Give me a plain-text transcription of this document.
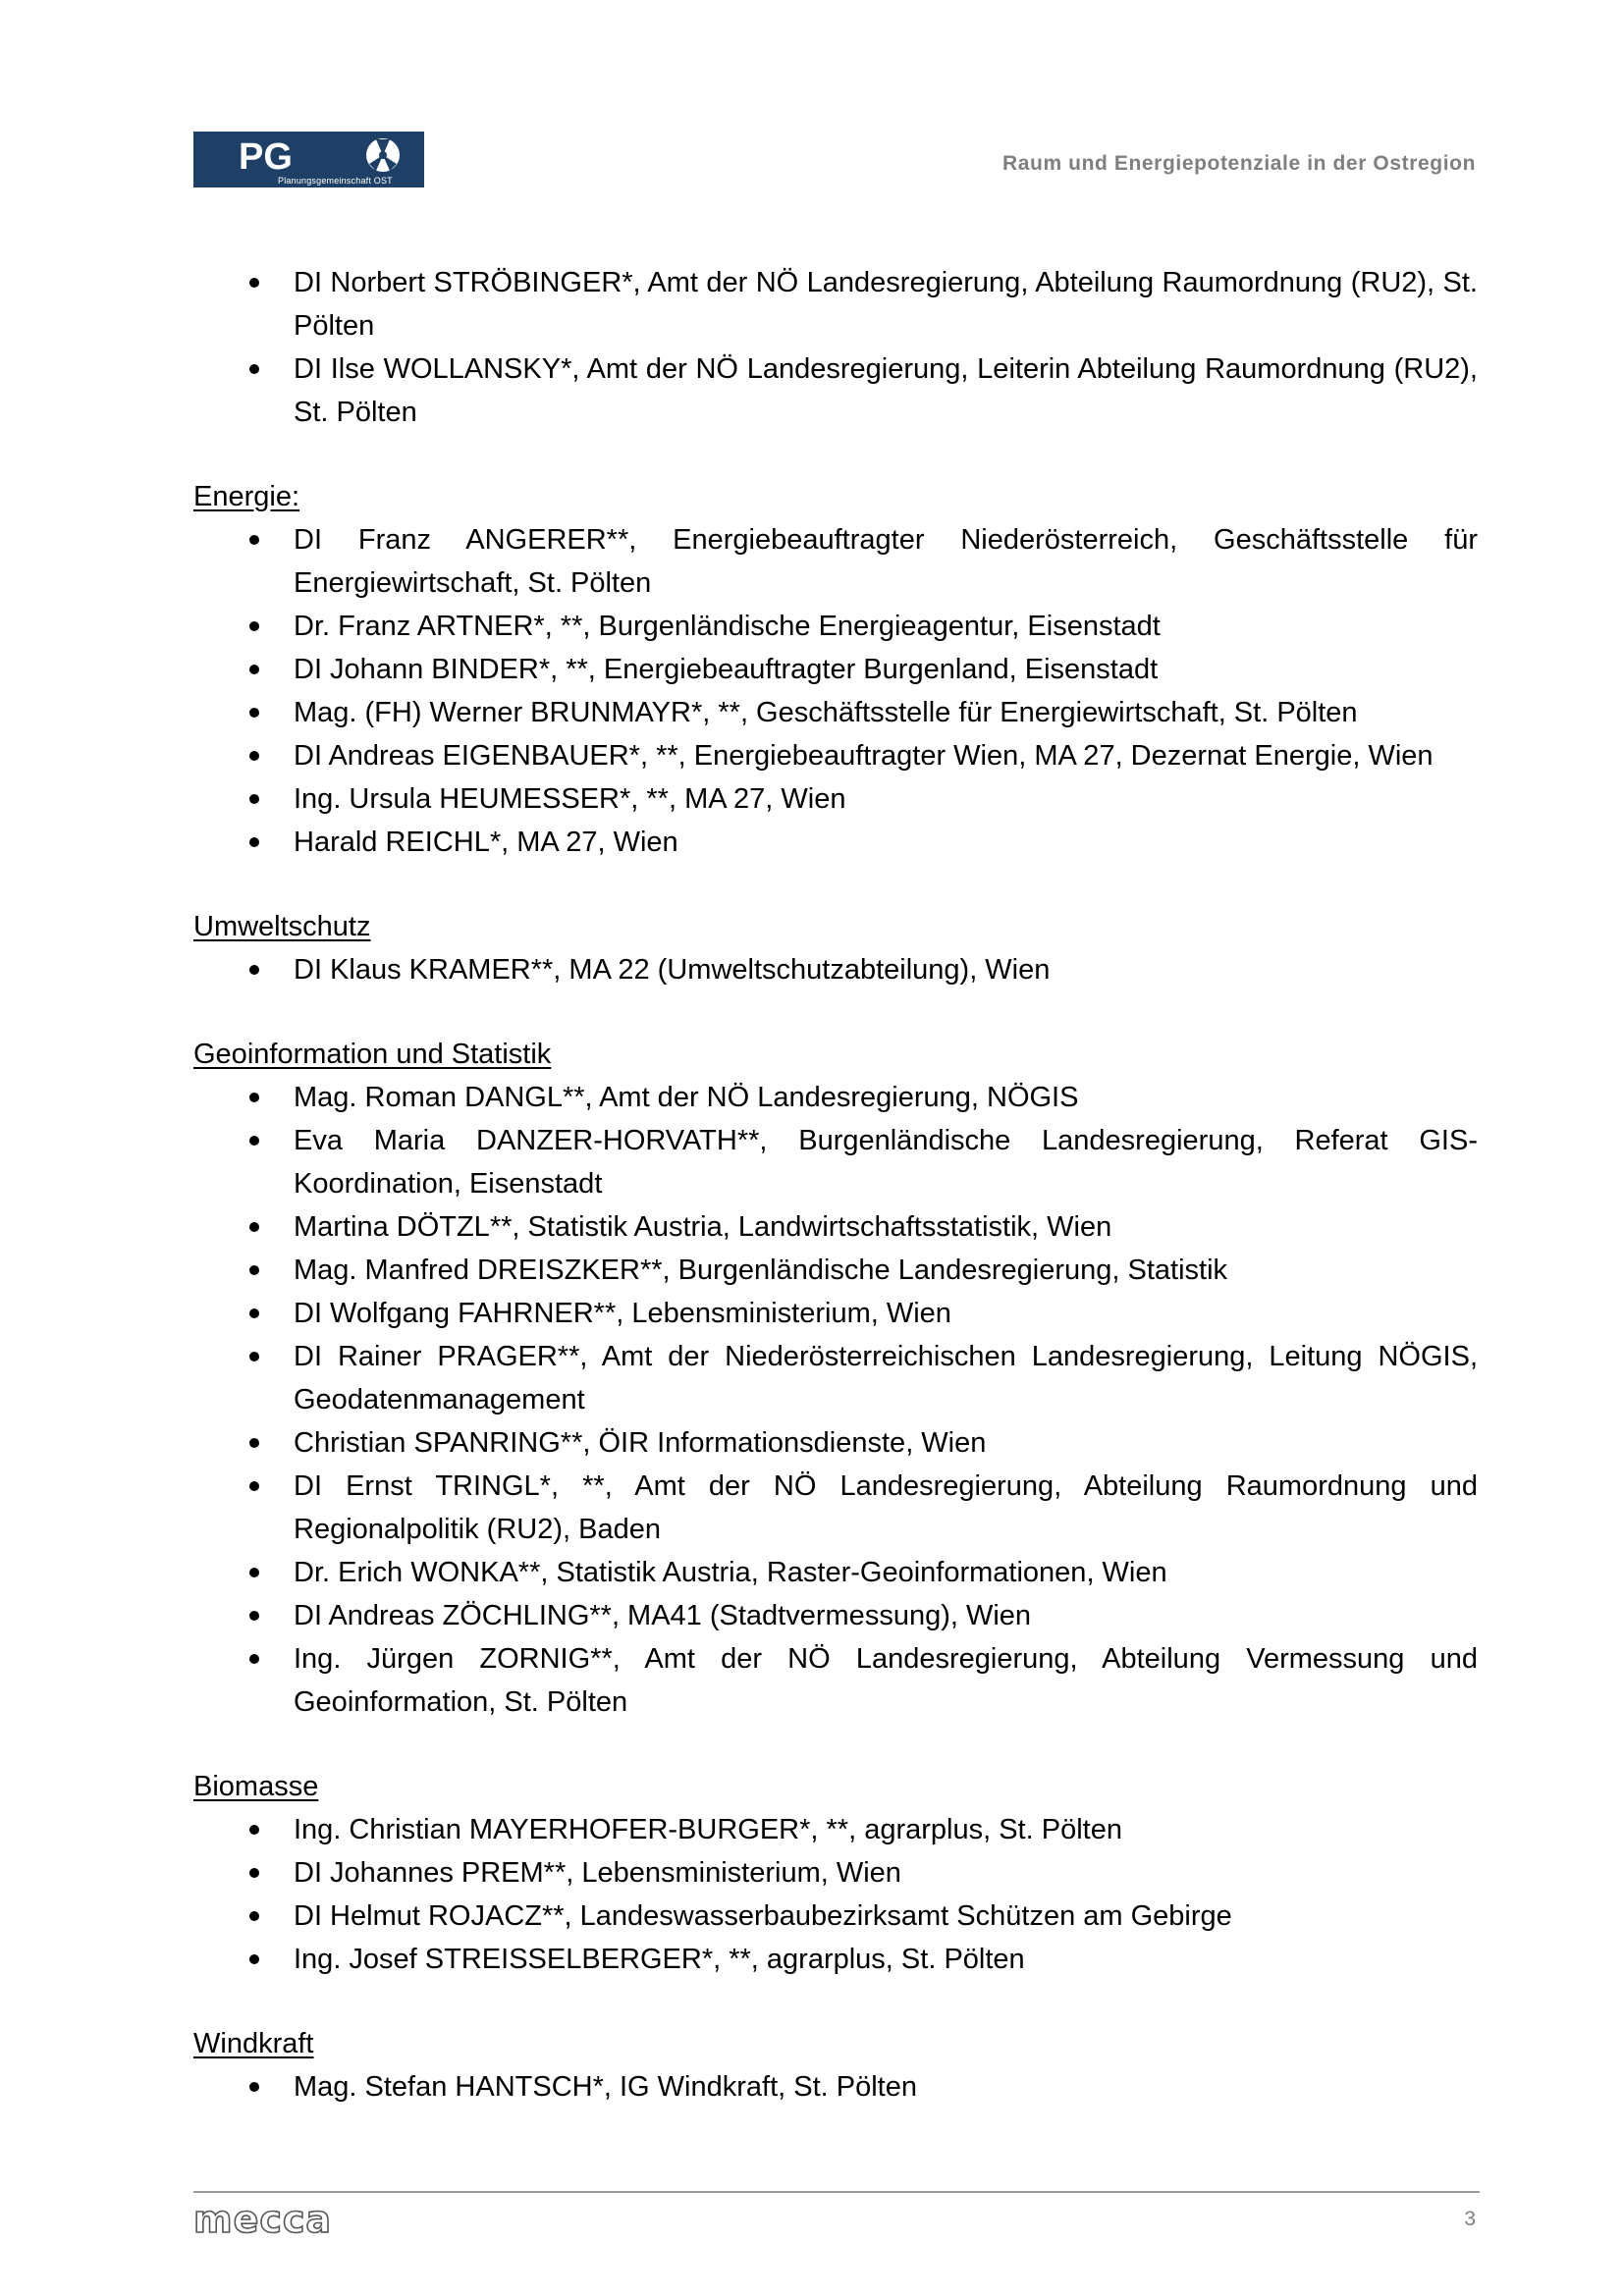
PG
Planungsgemeinschaft OST
Raum und Energiepotenziale in der Ostregion
DI Norbert STRÖBINGER*, Amt der NÖ Landesregierung, Abteilung Raumordnung (RU2), St. Pölten
DI Ilse WOLLANSKY*, Amt der NÖ Landesregierung, Leiterin Abteilung Raumordnung (RU2), St. Pölten
Energie:
DI Franz ANGERER**, Energiebeauftragter Niederösterreich, Geschäftsstelle für Energiewirtschaft, St. Pölten
Dr. Franz ARTNER*, **, Burgenländische Energieagentur, Eisenstadt
DI Johann BINDER*, **, Energiebeauftragter Burgenland, Eisenstadt
Mag. (FH) Werner BRUNMAYR*, **, Geschäftsstelle für Energiewirtschaft, St. Pölten
DI Andreas EIGENBAUER*, **, Energiebeauftragter Wien, MA 27, Dezernat Energie, Wien
Ing. Ursula HEUMESSER*, **, MA 27, Wien
Harald REICHL*, MA 27, Wien
Umweltschutz
DI Klaus KRAMER**, MA 22 (Umweltschutzabteilung), Wien
Geoinformation und Statistik
Mag. Roman DANGL**, Amt der NÖ Landesregierung, NÖGIS
Eva Maria DANZER-HORVATH**, Burgenländische Landesregierung, Referat GIS-Koordination, Eisenstadt
Martina DÖTZL**, Statistik Austria, Landwirtschaftsstatistik, Wien
Mag. Manfred DREISZKER**, Burgenländische Landesregierung, Statistik
DI Wolfgang FAHRNER**, Lebensministerium, Wien
DI Rainer PRAGER**, Amt der Niederösterreichischen Landesregierung, Leitung NÖGIS, Geodatenmanagement
Christian SPANRING**, ÖIR Informationsdienste, Wien
DI Ernst TRINGL*, **, Amt der NÖ Landesregierung, Abteilung Raumordnung und Regionalpolitik (RU2), Baden
Dr. Erich WONKA**, Statistik Austria, Raster-Geoinformationen, Wien
DI Andreas ZÖCHLING**, MA41 (Stadtvermessung), Wien
Ing. Jürgen ZORNIG**, Amt der NÖ Landesregierung, Abteilung Vermessung und Geoinformation, St. Pölten
Biomasse
Ing. Christian MAYERHOFER-BURGER*, **, agrarplus, St. Pölten
DI Johannes PREM**, Lebensministerium, Wien
DI Helmut ROJACZ**, Landeswasserbaubezirksamt Schützen am Gebirge
Ing. Josef STREISSELBERGER*, **, agrarplus, St. Pölten
Windkraft
Mag. Stefan HANTSCH*, IG Windkraft, St. Pölten
mecca	3
